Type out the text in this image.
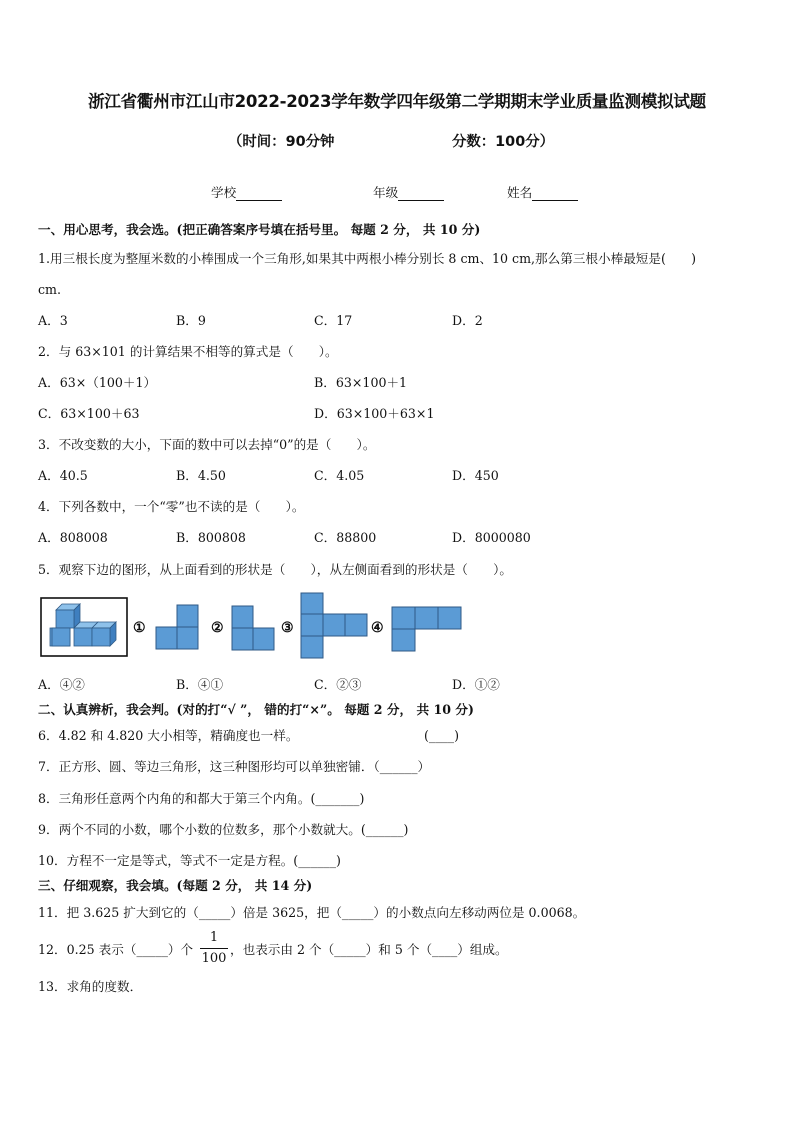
浙江省衢州市江山市2022-2023学年数学四年级第二学期期末学业质量监测模拟试题
（时间：90分钟	分数：100分）
学校	年级	姓名
一、用心思考，我会选。(把正确答案序号填在括号里。 每题 2 分， 共 10 分)
1.用三根长度为整厘米数的小棒围成一个三角形,如果其中两根小棒分别长 8 cm、10 cm,那么第三根小棒最短是(　　)
cm.
A．3	B．9	C．17	D．2
2．与 63×101 的计算结果不相等的算式是（　　）。
A．63×（100＋1）	B．63×100＋1
C．63×100＋63	D．63×100＋63×1
3．不改变数的大小，下面的数中可以去掉“0”的是（　　）。
A．40.5	B．4.50	C．4.05	D．450
4．下列各数中，一个“零”也不读的是（　　）。
A．808008	B．800808	C．88800	D．8000080
5．观察下边的图形，从上面看到的形状是（　　），从左侧面看到的形状是（　　）。
①	②	③	④
A．④②	B．④①	C．②③	D．①②
二、认真辨析，我会判。(对的打“√ ”， 错的打“×”。 每题 2 分， 共 10 分)
6．4.82 和 4.820 大小相等，精确度也一样。	(____)
7．正方形、圆、等边三角形，这三种图形均可以单独密铺．（______）
8．三角形任意两个内角的和都大于第三个内角。(_______)
9．两个不同的小数，哪个小数的位数多，那个小数就大。(______)
10．方程不一定是等式，等式不一定是方程。(______)
三、仔细观察，我会填。(每题 2 分， 共 14 分)
11．把 3.625 扩大到它的（_____）倍是 3625，把（_____）的小数点向左移动两位是 0.0068。
12．0.25 表示（_____）个
1
100
，也表示由 2 个（_____）和 5 个（____）组成。
13．求角的度数．
